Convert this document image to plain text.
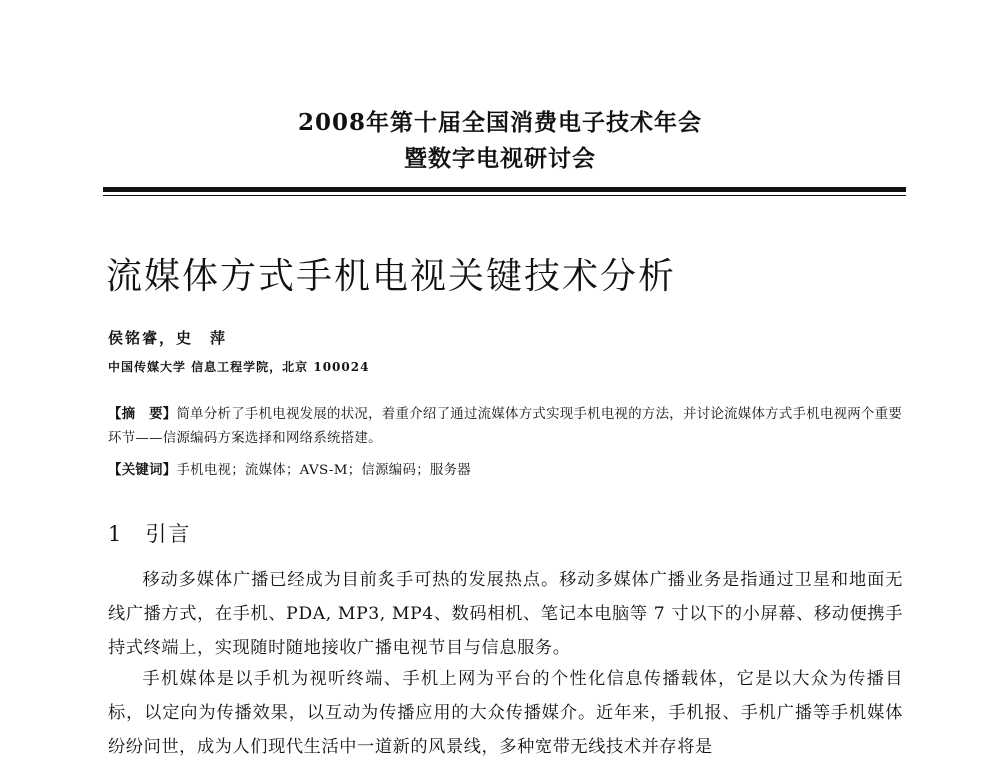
2008年第十届全国消费电子技术年会
暨数字电视研讨会
流媒体方式手机电视关键技术分析
侯铭睿，史　萍
中国传媒大学 信息工程学院，北京 100024
【摘　要】简单分析了手机电视发展的状况，着重介绍了通过流媒体方式实现手机电视的方法，并讨论流媒体方式手机电视两个重要环节——信源编码方案选择和网络系统搭建。
【关键词】手机电视；流媒体；AVS-M；信源编码；服务器
1 引言
移动多媒体广播已经成为目前炙手可热的发展热点。移动多媒体广播业务是指通过卫星和地面无线广播方式，在手机、PDA, MP3, MP4、数码相机、笔记本电脑等 7 寸以下的小屏幕、移动便携手持式终端上，实现随时随地接收广播电视节目与信息服务。
手机媒体是以手机为视听终端、手机上网为平台的个性化信息传播载体，它是以大众为传播目标，以定向为传播效果，以互动为传播应用的大众传播媒介。近年来，手机报、手机广播等手机媒体纷纷问世，成为人们现代生活中一道新的风景线，多种宽带无线技术并存将是
